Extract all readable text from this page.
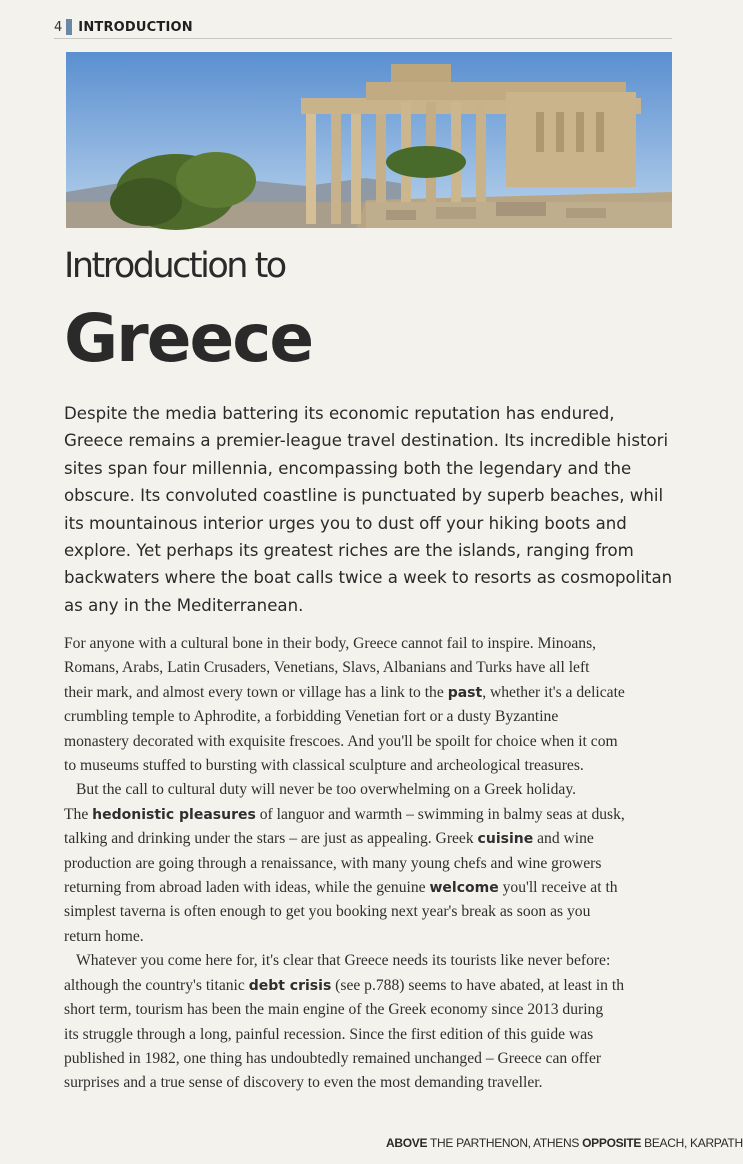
4 INTRODUCTION
Introduction to
Greece

Despite the media battering its economic reputation has endured,
Greece remains a premier-league travel destination. Its incredible histori
sites span four millennia, encompassing both the legendary and the
obscure. Its convoluted coastline is punctuated by superb beaches, whil
its mountainous interior urges you to dust off your hiking boots and
explore. Yet perhaps its greatest riches are the islands, ranging from
backwaters where the boat calls twice a week to resorts as cosmopolitan
as any in the Mediterranean.

For anyone with a cultural bone in their body, Greece cannot fail to inspire. Minoans,
Romans, Arabs, Latin Crusaders, Venetians, Slavs, Albanians and Turks have all left
their mark, and almost every town or village has a link to the past, whether it's a delicate
crumbling temple to Aphrodite, a forbidding Venetian fort or a dusty Byzantine
monastery decorated with exquisite frescoes. And you'll be spoilt for choice when it com
to museums stuffed to bursting with classical sculpture and archeological treasures.
But the call to cultural duty will never be too overwhelming on a Greek holiday.
The hedonistic pleasures of languor and warmth – swimming in balmy seas at dusk,
talking and drinking under the stars – are just as appealing. Greek cuisine and wine
production are going through a renaissance, with many young chefs and wine growers
returning from abroad laden with ideas, while the genuine welcome you'll receive at th
simplest taverna is often enough to get you booking next year's break as soon as you
return home.
Whatever you come here for, it's clear that Greece needs its tourists like never before:
although the country's titanic debt crisis (see p.788) seems to have abated, at least in th
short term, tourism has been the main engine of the Greek economy since 2013 during
its struggle through a long, painful recession. Since the first edition of this guide was
published in 1982, one thing has undoubtedly remained unchanged – Greece can offer
surprises and a true sense of discovery to even the most demanding traveller.
ABOVE THE PARTHENON, ATHENS OPPOSITE BEACH, KARPATH
